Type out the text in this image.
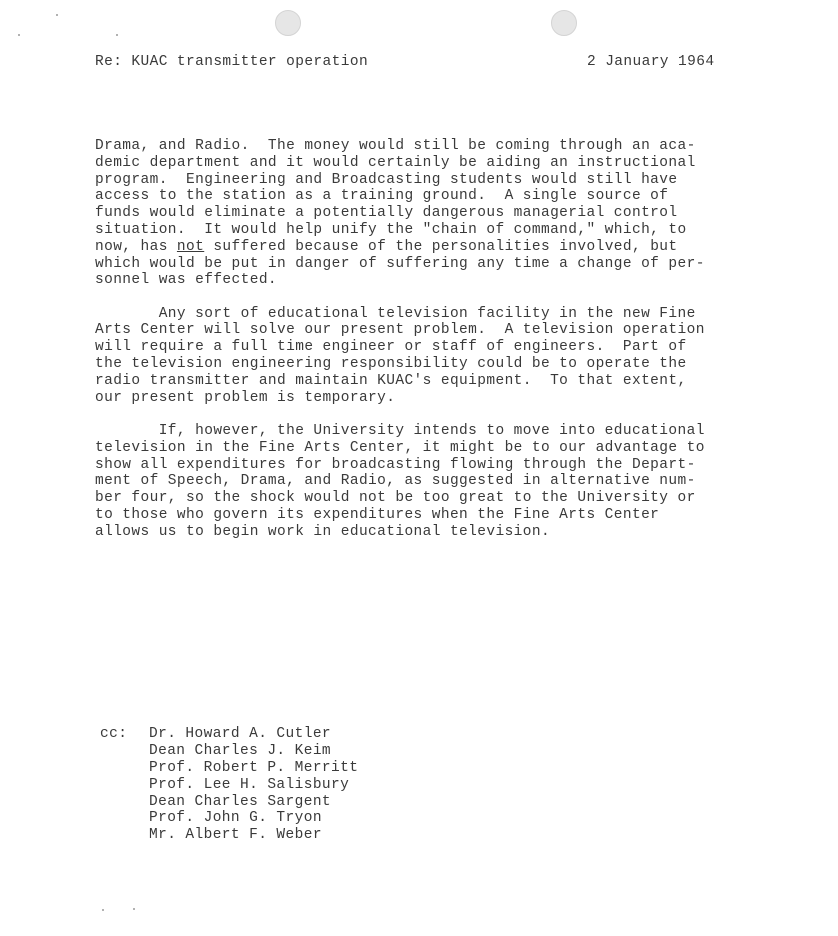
Re: KUAC transmitter operation	2 January 1964
Drama, and Radio.  The money would still be coming through an aca-
demic department and it would certainly be aiding an instructional
program.  Engineering and Broadcasting students would still have
access to the station as a training ground.  A single source of
funds would eliminate a potentially dangerous managerial control
situation.  It would help unify the "chain of command," which, to
now, has not suffered because of the personalities involved, but
which would be put in danger of suffering any time a change of per-
sonnel was effected.
Any sort of educational television facility in the new Fine
Arts Center will solve our present problem.  A television operation
will require a full time engineer or staff of engineers.  Part of
the television engineering responsibility could be to operate the
radio transmitter and maintain KUAC's equipment.  To that extent,
our present problem is temporary.
If, however, the University intends to move into educational
television in the Fine Arts Center, it might be to our advantage to
show all expenditures for broadcasting flowing through the Depart-
ment of Speech, Drama, and Radio, as suggested in alternative num-
ber four, so the shock would not be too great to the University or
to those who govern its expenditures when the Fine Arts Center
allows us to begin work in educational television.
cc: Dr. Howard A. Cutler
Dean Charles J. Keim
Prof. Robert P. Merritt
Prof. Lee H. Salisbury
Dean Charles Sargent
Prof. John G. Tryon
Mr. Albert F. Weber
